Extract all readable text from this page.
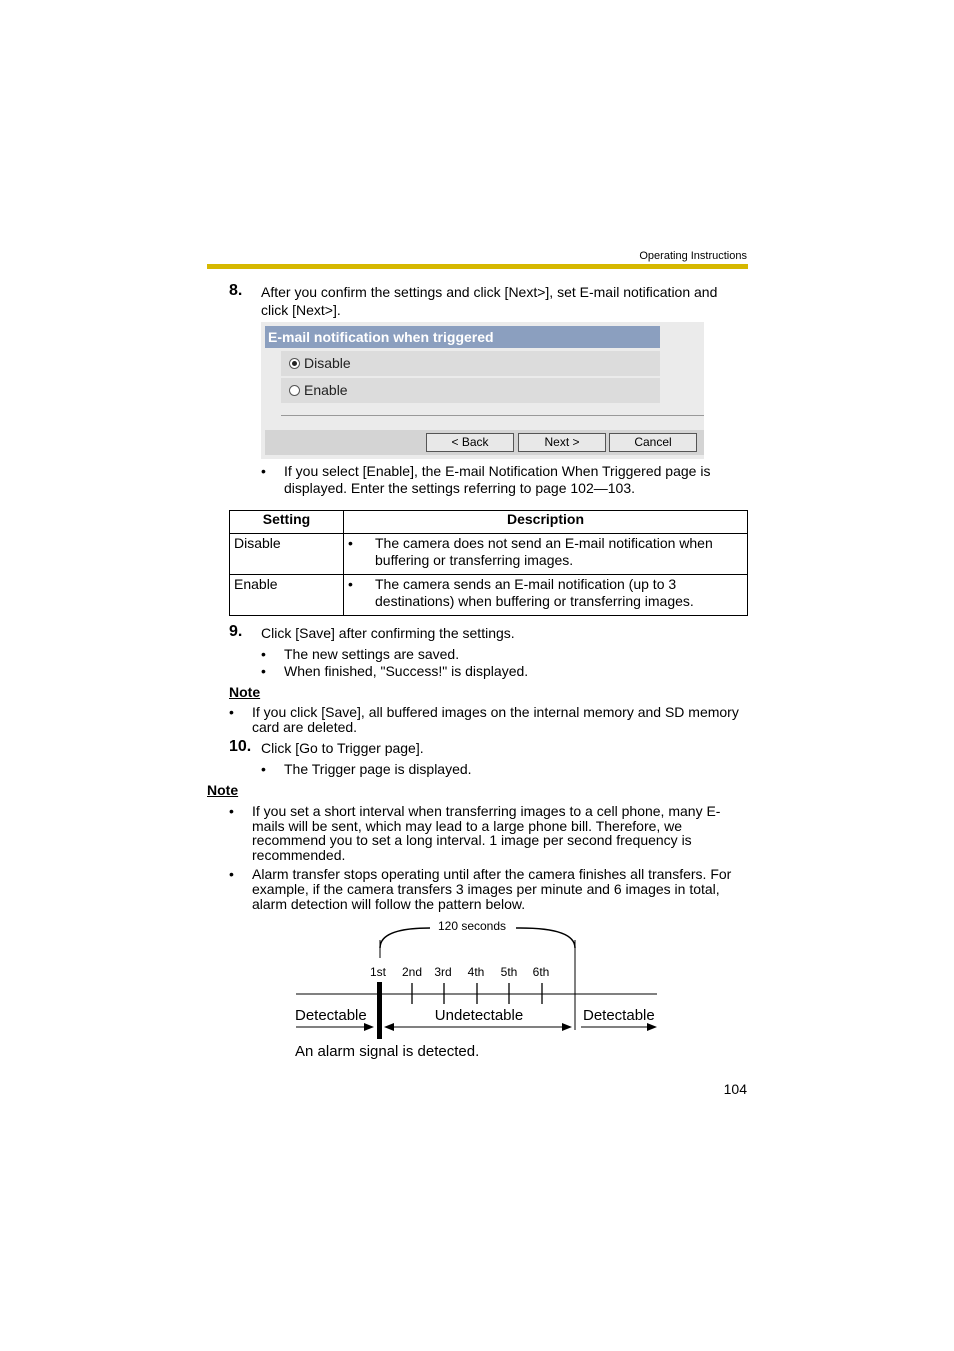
Operating Instructions
8. After you confirm the settings and click [Next>], set E-mail notification and
click [Next>].
E-mail notification when triggered
Disable
Enable
< Back	Next >	Cancel
• If you select [Enable], the E-mail Notification When Triggered page is
displayed. Enter the settings referring to page 102—103.
Setting	Description
Disable	• The camera does not send an E-mail notification when
buffering or transferring images.

Enable	• The camera sends an E-mail notification (up to 3
destinations) when buffering or transferring images.
9. Click [Save] after confirming the settings.
• The new settings are saved.
• When finished, "Success!" is displayed.
Note
• If you click [Save], all buffered images on the internal memory and SD memory
card are deleted.
10. Click [Go to Trigger page].
• The Trigger page is displayed.
Note
• If you set a short interval when transferring images to a cell phone, many E-
mails will be sent, which may lead to a large phone bill. Therefore, we
recommend you to set a long interval. 1 image per second frequency is
recommended.
• Alarm transfer stops operating until after the camera finishes all transfers. For
example, if the camera transfers 3 images per minute and 6 images in total,
alarm detection will follow the pattern below.
120 seconds
1st 2nd 3rd 4th 5th 6th
Detectable	Undetectable	Detectable
An alarm signal is detected.
104
